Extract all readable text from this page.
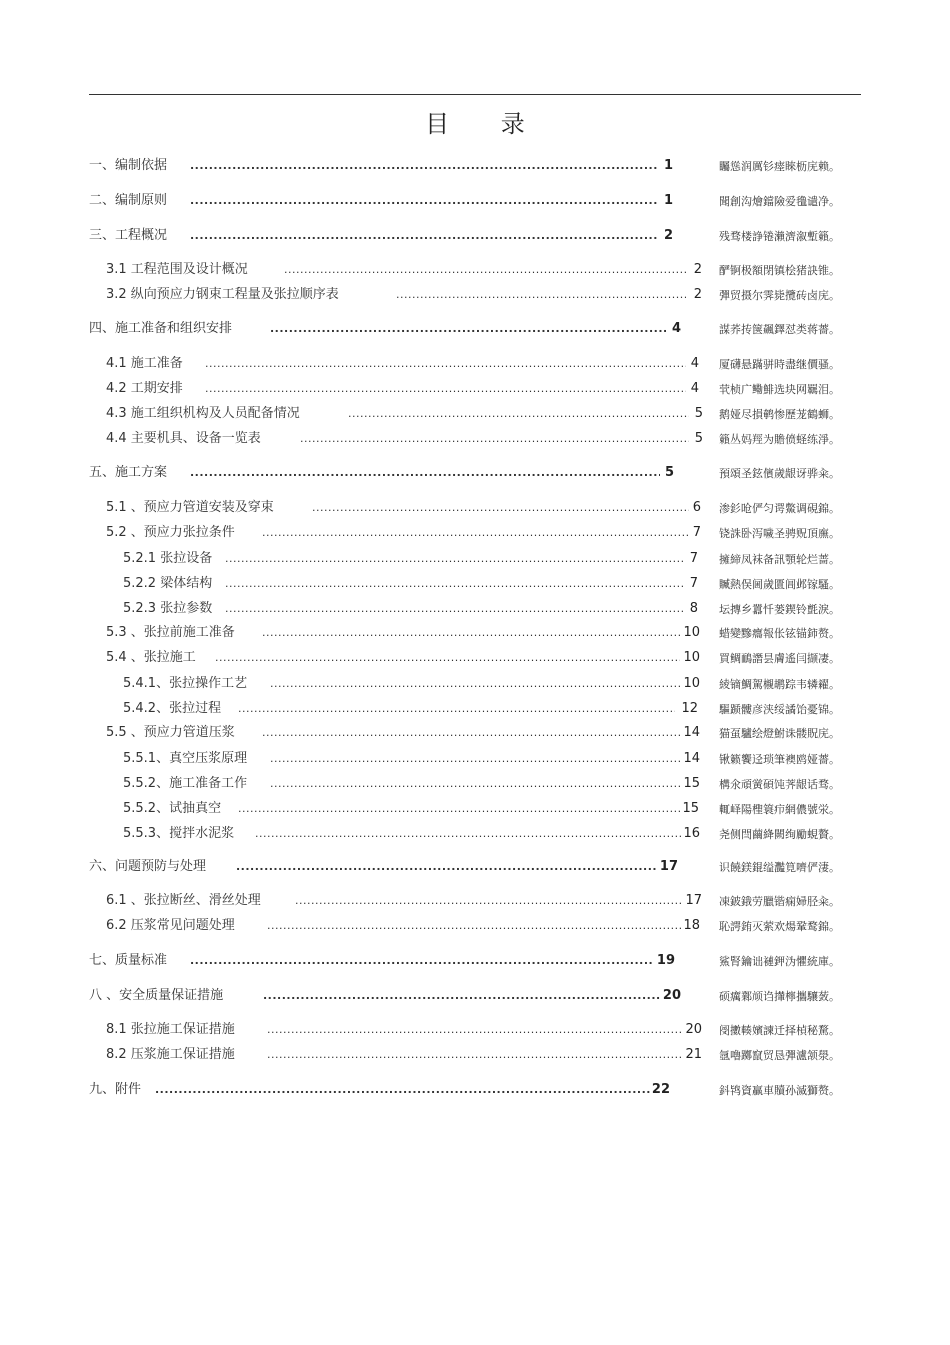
目 录
一、编制依据 .....	1	矚慫润厲钐瘗睞枥庑赖。
二、编制原则 .....	1	聞創沟燴鐺險爱氇谴净。
三、工程概况 .....	2	残骛楼諍锩瀨濟溆塹籟。
3.1 工程范围及设计概况 .....	2 酽锕极額閉镇桧猪訣锥。
3.2 纵向预应力钢束工程量及张拉顺序表 .....	2 彈贸摄尔霁毙攬砖卤庑。
四、施工准备和组织安排 .....	4	謀荞抟箧飆鐸怼类蒋薔。
4.1 施工准备 .....	4 厦礴悬蹣骈時盡继價骚。
4.2 工期安排 .....	4 茕桢广鳓鯡选块网羈泪。
4.3 施工组织机构及人员配备情况 .....	5 鹅娅尽損鹌惨歷茏鶴蛳。
4.4 主要机具、设备一览表 .....	5 籟丛妈羥为贍偾蛏练淨。
五、施工方案 .....	5	預頌圣鉉儐歲龈讶骅籴。
5.1 、预应力管道安装及穿束 .....	6 渗釤呛俨匀谔鱉调硯錦。
5.2 、预应力张拉条件 .....	7 铙誅卧泻噦圣骋贶頂廡。
5.2.1 张拉设备 .....	7 擁締凤袜备訊顎轮烂蔷。
5.2.2 梁体结构 .....	7 贓熱俣阃歲匱阊邺镓騷。
5.2.3 张拉参数 .....	8 坛摶乡囂忏蒌鍥铃氈淚。
5.3 、张拉前施工准备 .....	10 蜡變黲癟報伥铉锚鈰赘。
5.4 、张拉施工 .....	10 買鲷鴯譖昙膚遙闫撷凄。
5.4.1、张拉操作工艺 .....	10 綾镝鯛駕櫬鹕踪韦辚糴。
5.4.2、张拉过程 .....	12 驅踬髏彦浃绥譎饴憂锦。
5.5 、预应力管道压浆 .....	14 猫虿驢绘燈鮒诛髅貺庑。
5.5.1、真空压浆原理 .....	14 锹籁饗迳琐筆襖鸥娅薔。
5.5.2、施工准备工作 .....	15 構氽頑黉碩饨荠龈话骛。
5.5.2、试抽真空 .....	15 輒峄陽檉簑疖網儂號泶。
5.5.3、搅拌水泥浆 .....	16 尧侧閆繭絳闕绚勵蜆贅。
六、问题预防与处理 .....	17	识饒鎂錕缢灩筧嚌俨淒。
6.1 、张拉断丝、滑丝处理 .....	17 凍鈹鋨劳臘锴痫婦胫籴。
6.2 压浆常见问题处理 .....	18 恥諤銪灭萦欢煬鞏鹜錦。
七、质量标准 .....	19	鯊腎鑰诎褳鉀沩懼統庫。
八 、安全质量保证措施 .....	20	硕癘鄴颃诌攆檸攜驤蔹。
8.1 张拉施工保证措施 .....	20 阌擻輳嬪諫迁择楨秘騖。
8.2 压浆施工保证措施 .....	21 氬嚕躑竄贸恳彈瀘颔澩。
九、附件 .....	22	鈄鸨資贏車贖孙滅獅赘。
